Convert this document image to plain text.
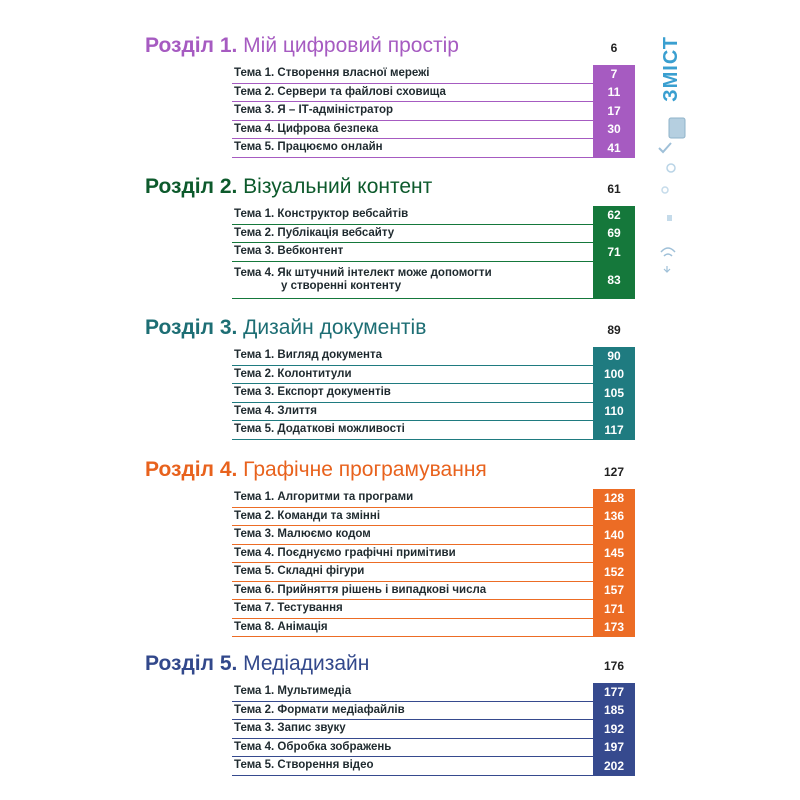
Розділ 1. Мій цифровий простір	6
Тема 1. Створення власної мережі	7
Тема 2. Сервери та файлові сховища	11
Тема 3. Я – ІТ-адміністратор	17
Тема 4. Цифрова безпека	30
Тема 5. Працюємо онлайн	41
Розділ 2. Візуальний контент	61
Тема 1. Конструктор вебсайтів	62
Тема 2. Публікація вебсайту	69
Тема 3. Вебконтент	71
Тема 4. Як штучний інтелект може допомогти
у створенні контенту	83
Розділ 3. Дизайн документів	89
Тема 1. Вигляд документа	90
Тема 2. Колонтитули	100
Тема 3. Експорт документів	105
Тема 4. Злиття	110
Тема 5. Додаткові можливості	117
Розділ 4. Графічне програмування	127
Тема 1. Алгоритми та програми	128
Тема 2. Команди та змінні	136
Тема 3. Малюємо кодом	140
Тема 4. Поєднуємо графічні примітиви	145
Тема 5. Складні фігури	152
Тема 6. Прийняття рішень і випадкові числа	157
Тема 7. Тестування	171
Тема 8. Анімація	173
Розділ 5. Медіадизайн	176
Тема 1. Мультимедіа	177
Тема 2. Формати медіафайлів	185
Тема 3. Запис звуку	192
Тема 4. Обробка зображень	197
Тема 5. Створення відео	202
ЗМІСТ
